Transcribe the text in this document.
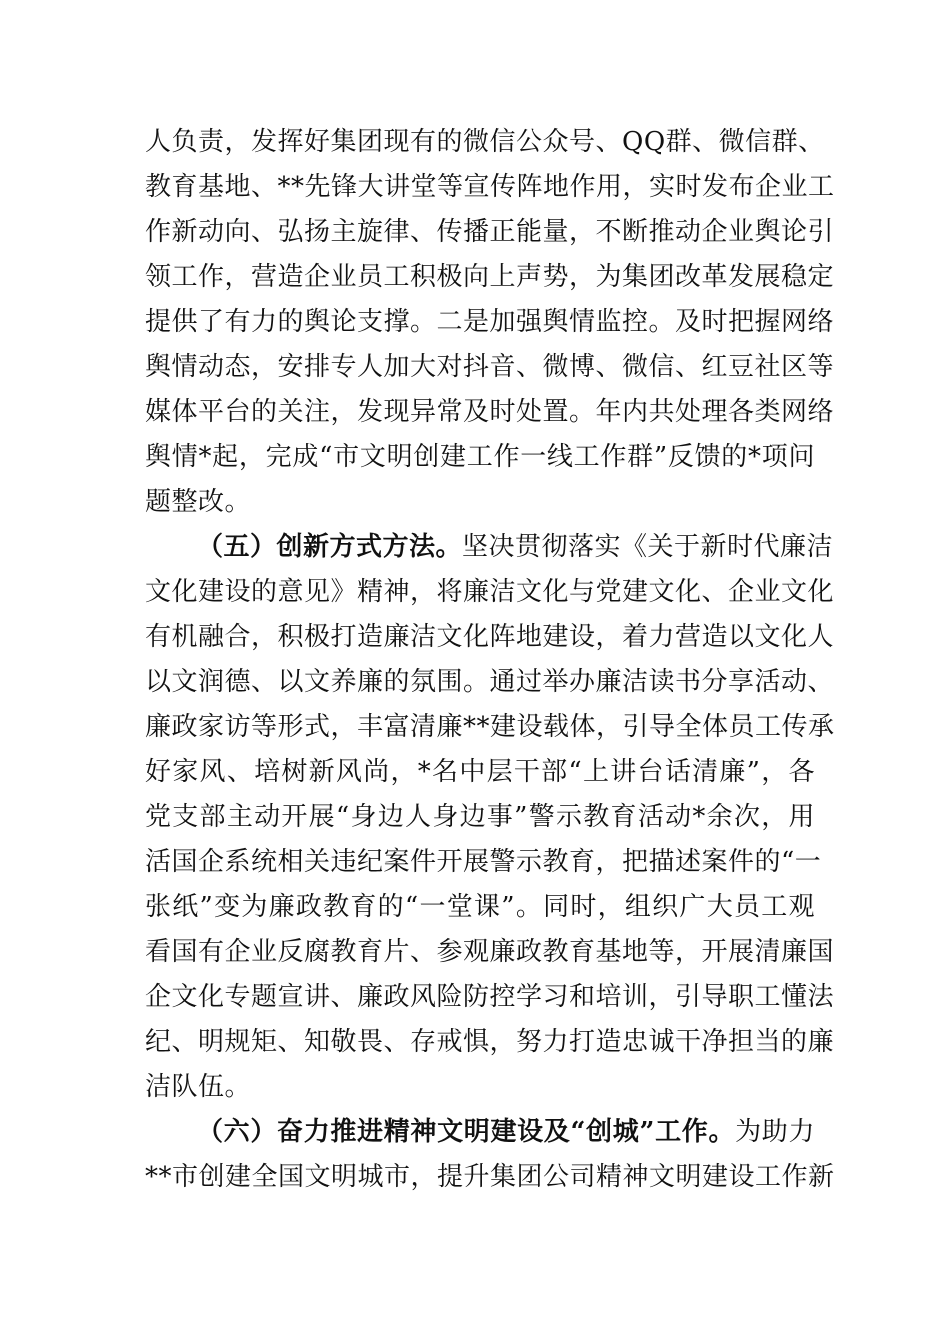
人负责，发挥好集团现有的微信公众号、QQ群、微信群、
教育基地、**先锋大讲堂等宣传阵地作用，实时发布企业工
作新动向、弘扬主旋律、传播正能量，不断推动企业舆论引
领工作，营造企业员工积极向上声势，为集团改革发展稳定
提供了有力的舆论支撑。二是加强舆情监控。及时把握网络
舆情动态，安排专人加大对抖音、微博、微信、红豆社区等
媒体平台的关注，发现异常及时处置。年内共处理各类网络
舆情*起，完成“市文明创建工作一线工作群”反馈的*项问
题整改。
（五）创新方式方法。坚决贯彻落实《关于新时代廉洁
文化建设的意见》精神，将廉洁文化与党建文化、企业文化
有机融合，积极打造廉洁文化阵地建设，着力营造以文化人
以文润德、以文养廉的氛围。通过举办廉洁读书分享活动、
廉政家访等形式，丰富清廉**建设载体，引导全体员工传承
好家风、培树新风尚，*名中层干部“上讲台话清廉”，各
党支部主动开展“身边人身边事”警示教育活动*余次，用
活国企系统相关违纪案件开展警示教育，把描述案件的“一
张纸”变为廉政教育的“一堂课”。同时，组织广大员工观
看国有企业反腐教育片、参观廉政教育基地等，开展清廉国
企文化专题宣讲、廉政风险防控学习和培训，引导职工懂法
纪、明规矩、知敬畏、存戒惧，努力打造忠诚干净担当的廉
洁队伍。
（六）奋力推进精神文明建设及“创城”工作。为助力
**市创建全国文明城市，提升集团公司精神文明建设工作新
